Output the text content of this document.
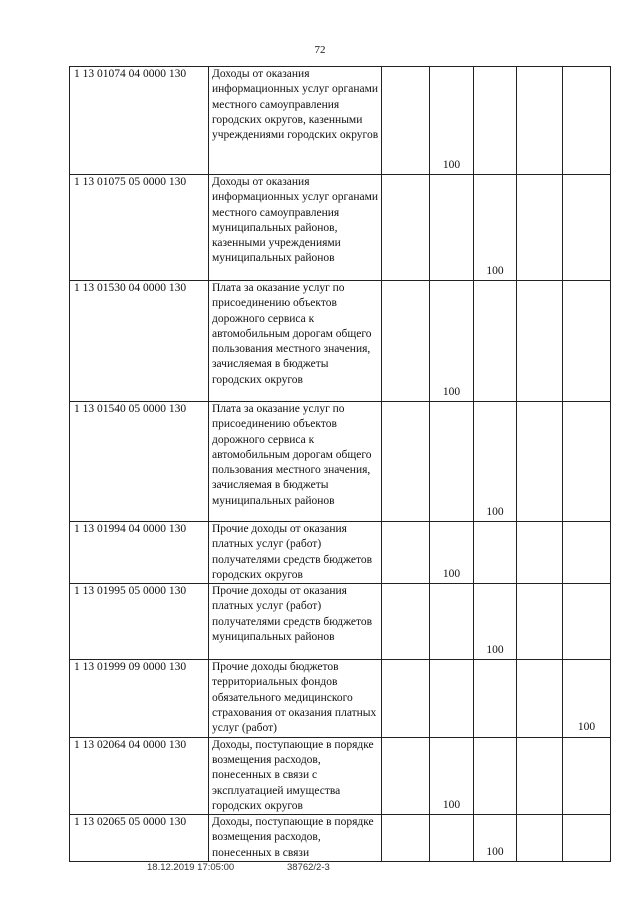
72
1 13 01074 04 0000 130	Доходы от оказания информационных услуг органами местного самоуправления городских округов, казенными учреждениями городских округов		100			
1 13 01075 05 0000 130	Доходы от оказания информационных услуг органами местного самоуправления муниципальных районов, казенными учреждениями муниципальных районов			100		
1 13 01530 04 0000 130	Плата за оказание услуг по присоединению объектов дорожного сервиса к автомобильным дорогам общего пользования местного значения, зачисляемая в бюджеты городских округов		100			
1 13 01540 05 0000 130	Плата за оказание услуг по присоединению объектов дорожного сервиса к автомобильным дорогам общего пользования местного значения, зачисляемая в бюджеты муниципальных районов			100		
1 13 01994 04 0000 130	Прочие доходы от оказания платных услуг (работ) получателями средств бюджетов городских округов		100			
1 13 01995 05 0000 130	Прочие доходы от оказания платных услуг (работ) получателями средств бюджетов муниципальных районов			100		
1 13 01999 09 0000 130	Прочие доходы бюджетов территориальных фондов обязательного медицинского страхования от оказания платных услуг (работ)					100
1 13 02064 04 0000 130	Доходы, поступающие в порядке возмещения расходов, понесенных в связи с эксплуатацией имущества городских округов		100			
1 13 02065 05 0000 130	Доходы, поступающие в порядке возмещения расходов, понесенных в связи			100		
18.12.2019 17:05:00	38762/2-3
